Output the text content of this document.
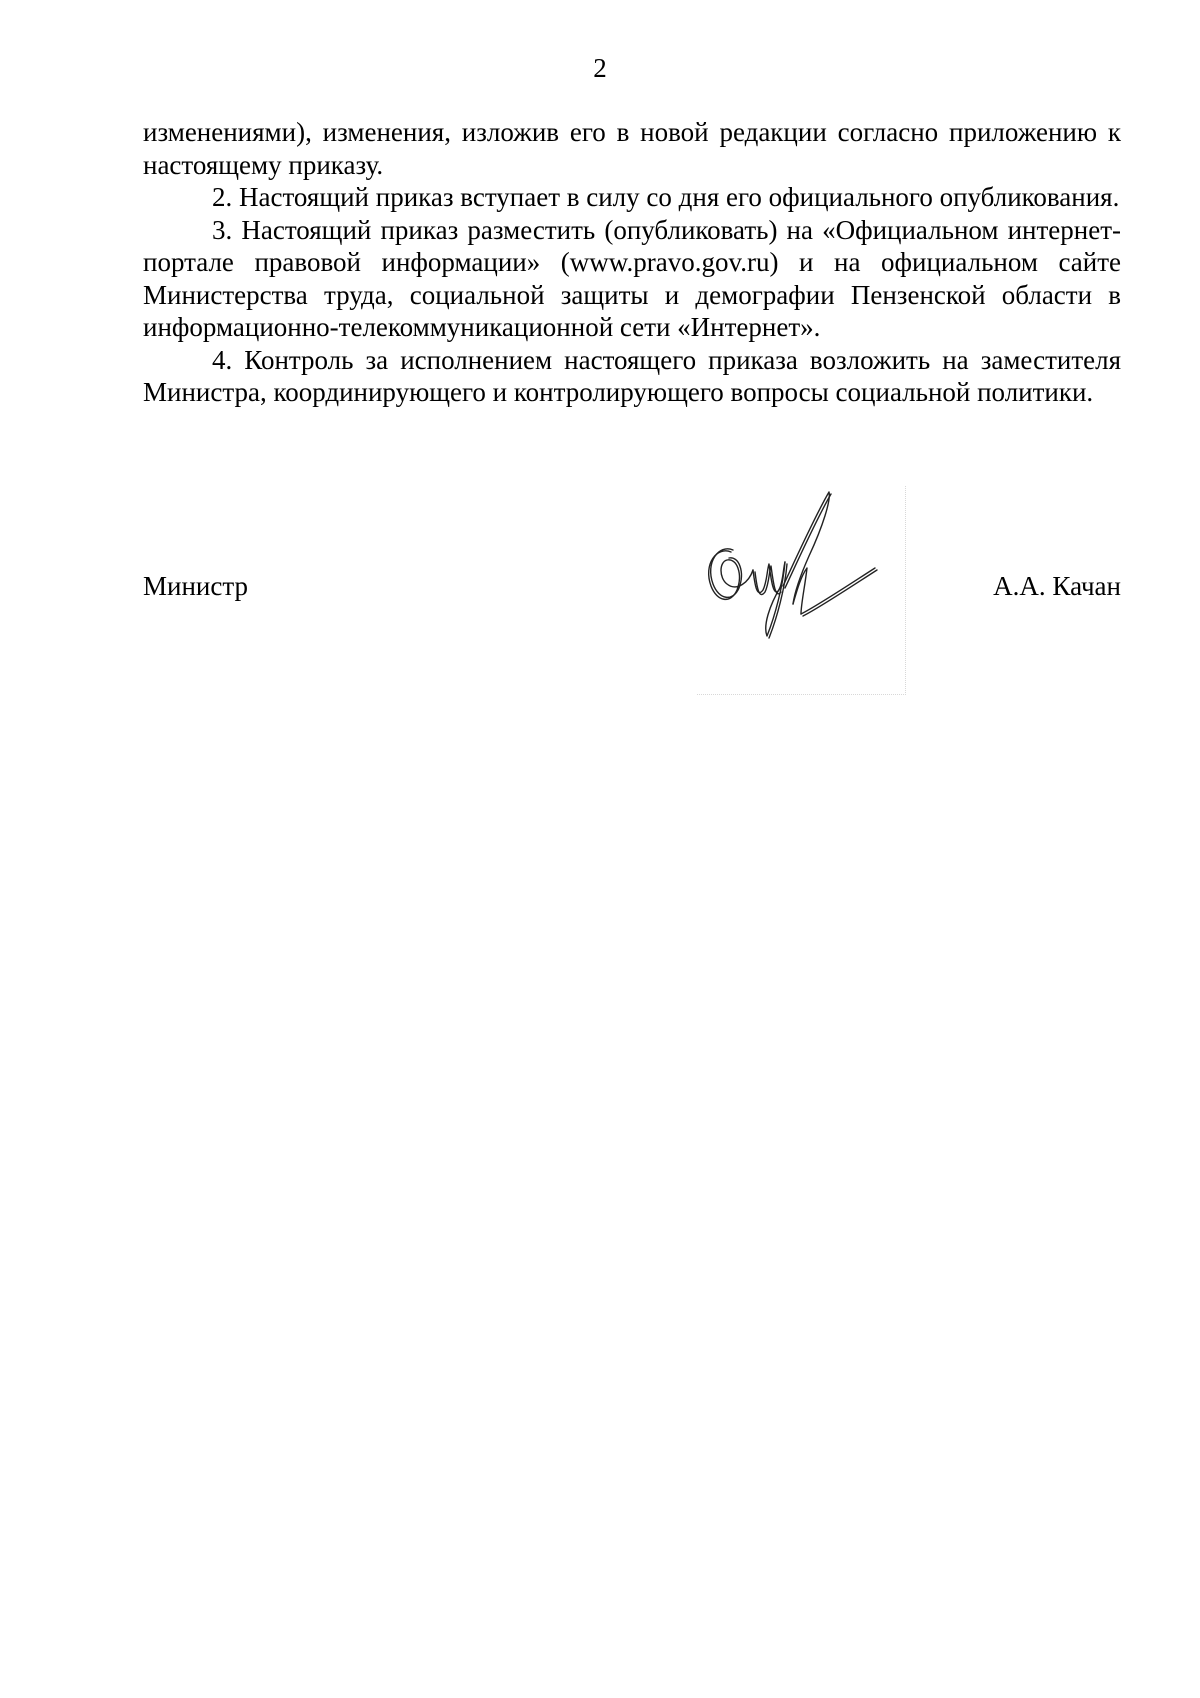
2

изменениями), изменения, изложив его в новой редакции согласно приложению к настоящему приказу.

2. Настоящий приказ вступает в силу со дня его официального опубликования.

3. Настоящий приказ разместить (опубликовать) на «Официальном интернет-портале правовой информации» (www.pravo.gov.ru) и на официальном сайте Министерства труда, социальной защиты и демографии Пензенской области в информационно-телекоммуникационной сети «Интернет».

4. Контроль за исполнением настоящего приказа возложить на заместителя Министра, координирующего и контролирующего вопросы социальной политики.

Министр	А.А. Качан
